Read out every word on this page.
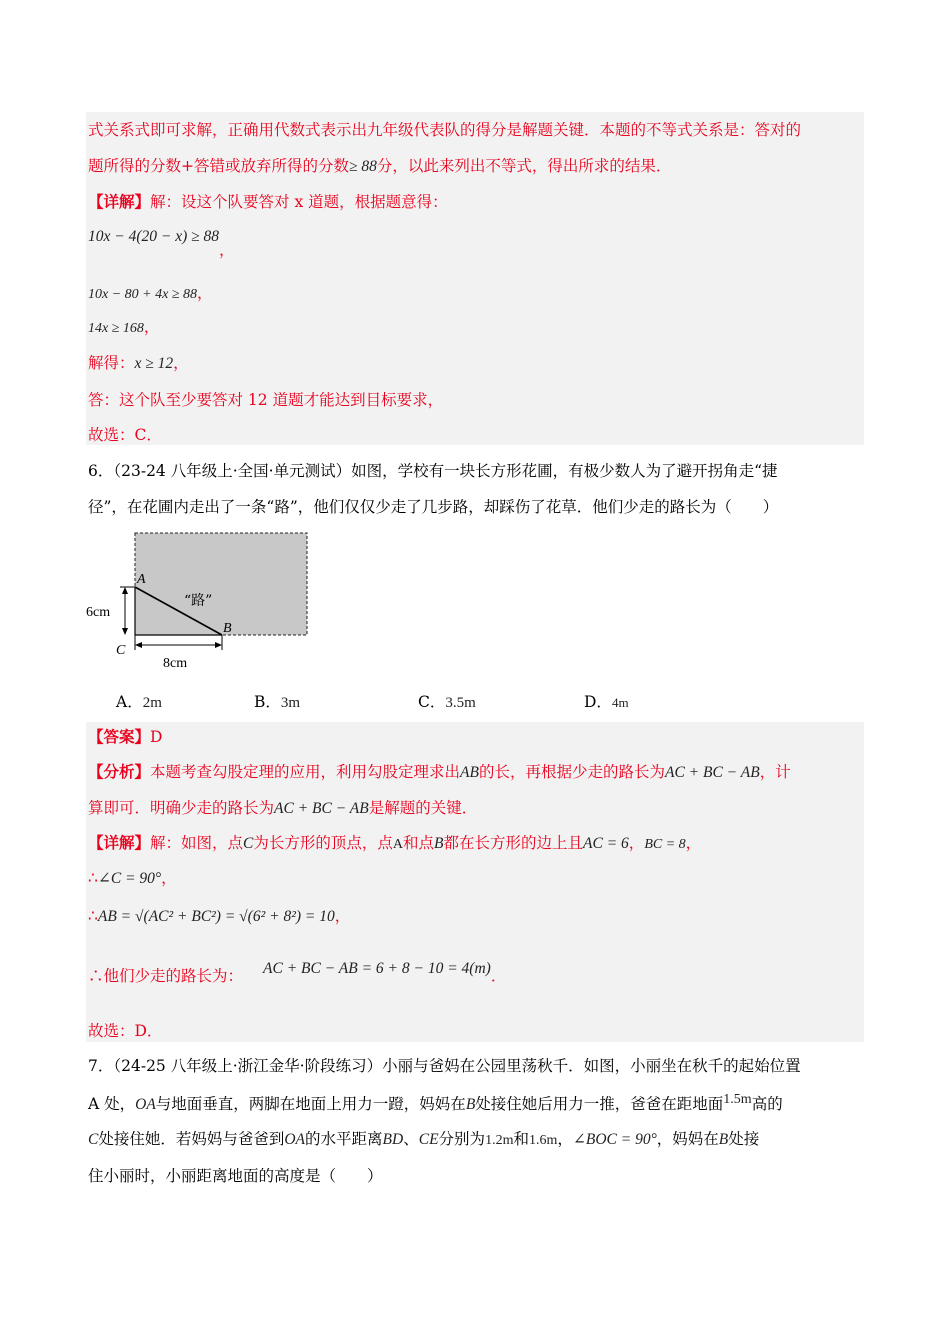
式关系式即可求解，正确用代数式表示出九年级代表队的得分是解题关键．本题的不等式关系是：答对的
题所得的分数+答错或放弃所得的分数≥ 88分，以此来列出不等式，得出所求的结果．
【详解】解：设这个队要答对 x 道题，根据题意得：
10x − 4(20 − x) ≥ 88，
10x − 80 + 4x ≥ 88，
14x ≥ 168，
解得：x ≥ 12，
答：这个队至少要答对 12 道题才能达到目标要求，
故选：C．
6．（23-24 八年级上·全国·单元测试）如图，学校有一块长方形花圃，有极少数人为了避开拐角走“捷
径”，在花圃内走出了一条“路”，他们仅仅少走了几步路，却踩伤了花草．他们少走的路长为（　　）
A
B
C
“路”
6cm
8cm
A．2m	B．3m	C．3.5m	D．4m
【答案】D
【分析】本题考查勾股定理的应用，利用勾股定理求出AB的长，再根据少走的路长为AC + BC − AB，计
算即可．明确少走的路长为AC + BC − AB是解题的关键．
【详解】解：如图，点C为长方形的顶点，点A和点B都在长方形的边上且AC = 6，BC = 8，
∴∠C = 90°，
∴AB = √(AC² + BC²) = √(6² + 8²) = 10，
∴他们少走的路长为： AC + BC − AB = 6 + 8 − 10 = 4(m)．
故选：D．
7．（24-25 八年级上·浙江金华·阶段练习）小丽与爸妈在公园里荡秋千．如图，小丽坐在秋千的起始位置
A 处，OA与地面垂直，两脚在地面上用力一蹬，妈妈在B处接住她后用力一推，爸爸在距地面1.5m高的
C处接住她．若妈妈与爸爸到OA的水平距离BD、CE分别为1.2m和1.6m，∠BOC = 90°，妈妈在B处接
住小丽时，小丽距离地面的高度是（　　）
